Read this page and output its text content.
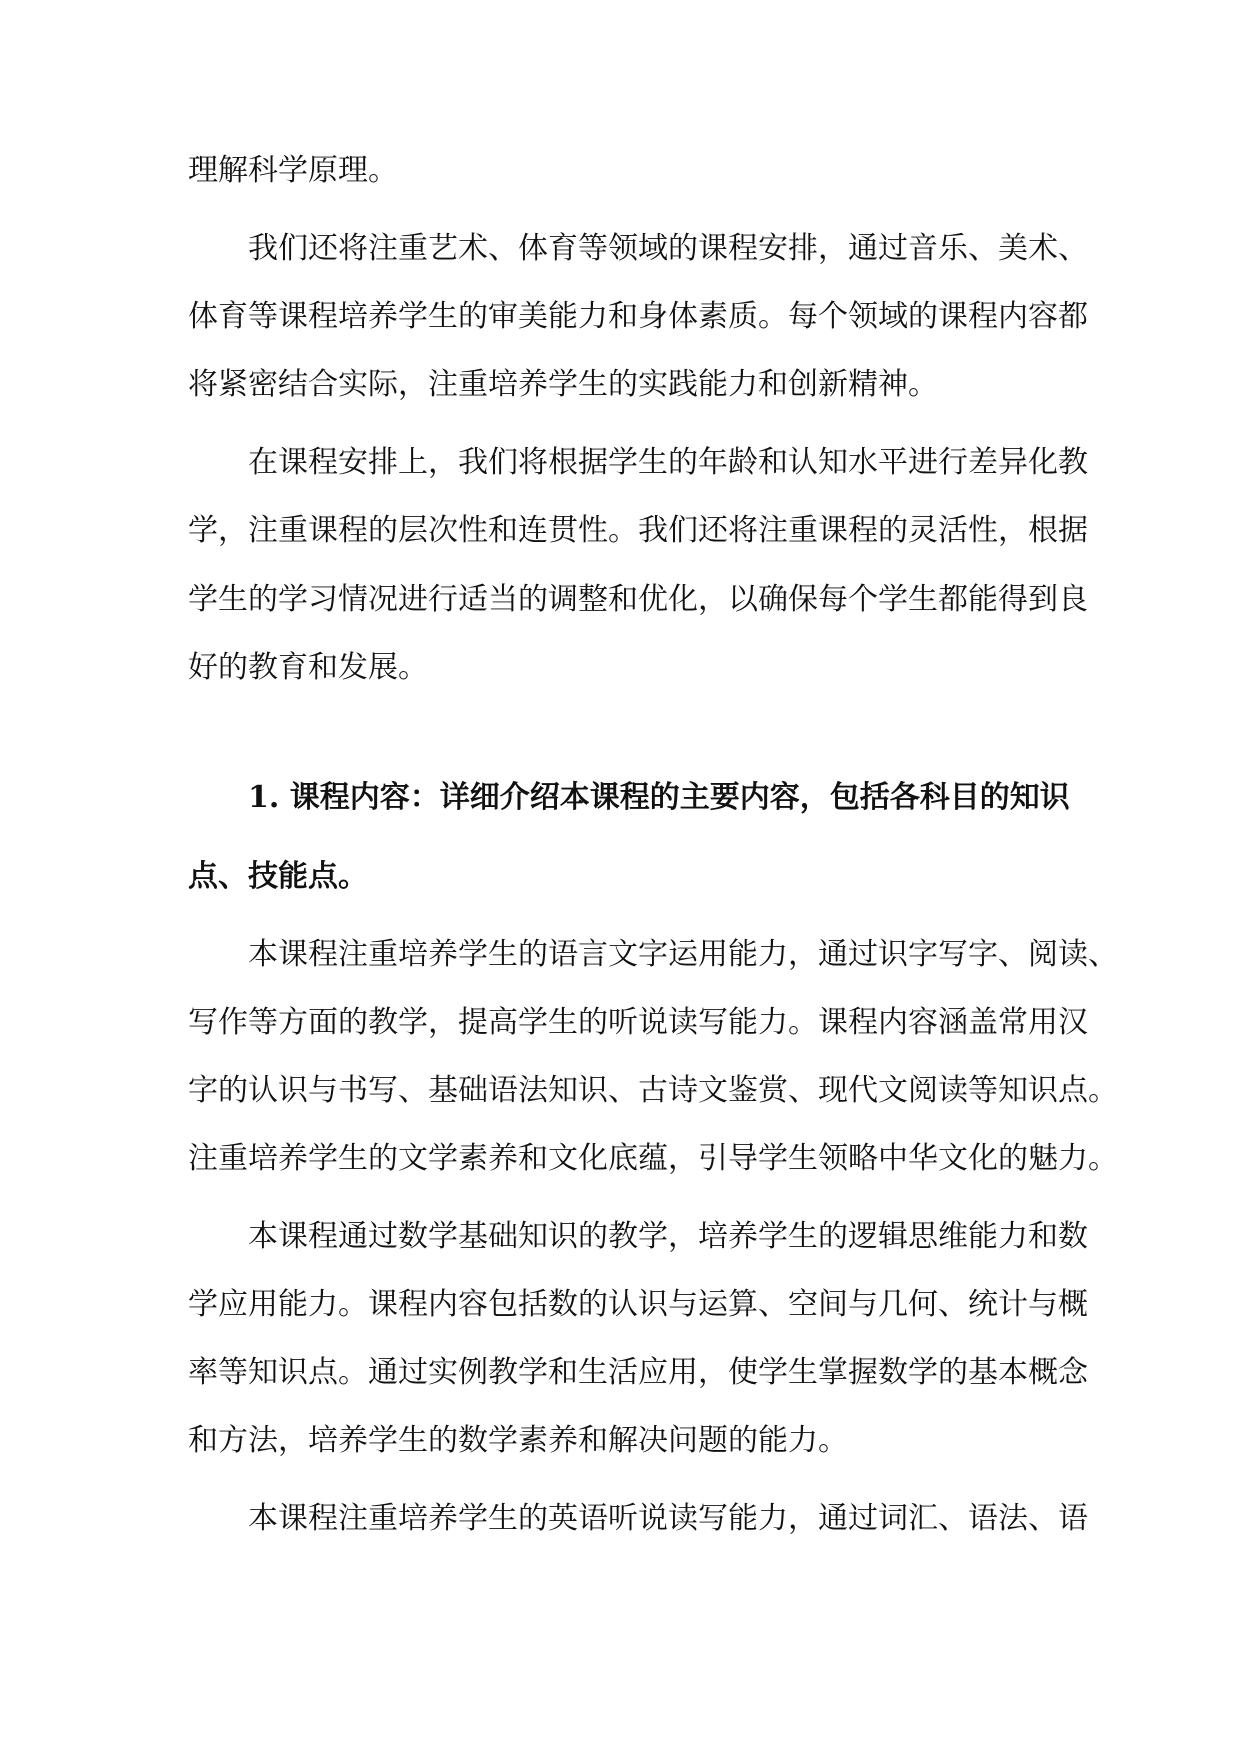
理解科学原理。
我们还将注重艺术、体育等领域的课程安排，通过音乐、美术、
体育等课程培养学生的审美能力和身体素质。每个领域的课程内容都
将紧密结合实际，注重培养学生的实践能力和创新精神。
在课程安排上，我们将根据学生的年龄和认知水平进行差异化教
学，注重课程的层次性和连贯性。我们还将注重课程的灵活性，根据
学生的学习情况进行适当的调整和优化，以确保每个学生都能得到良
好的教育和发展。
1. 课程内容：详细介绍本课程的主要内容，包括各科目的知识
点、技能点。
本课程注重培养学生的语言文字运用能力，通过识字写字、阅读、
写作等方面的教学，提高学生的听说读写能力。课程内容涵盖常用汉
字的认识与书写、基础语法知识、古诗文鉴赏、现代文阅读等知识点。
注重培养学生的文学素养和文化底蕴，引导学生领略中华文化的魅力。
本课程通过数学基础知识的教学，培养学生的逻辑思维能力和数
学应用能力。课程内容包括数的认识与运算、空间与几何、统计与概
率等知识点。通过实例教学和生活应用，使学生掌握数学的基本概念
和方法，培养学生的数学素养和解决问题的能力。
本课程注重培养学生的英语听说读写能力，通过词汇、语法、语
